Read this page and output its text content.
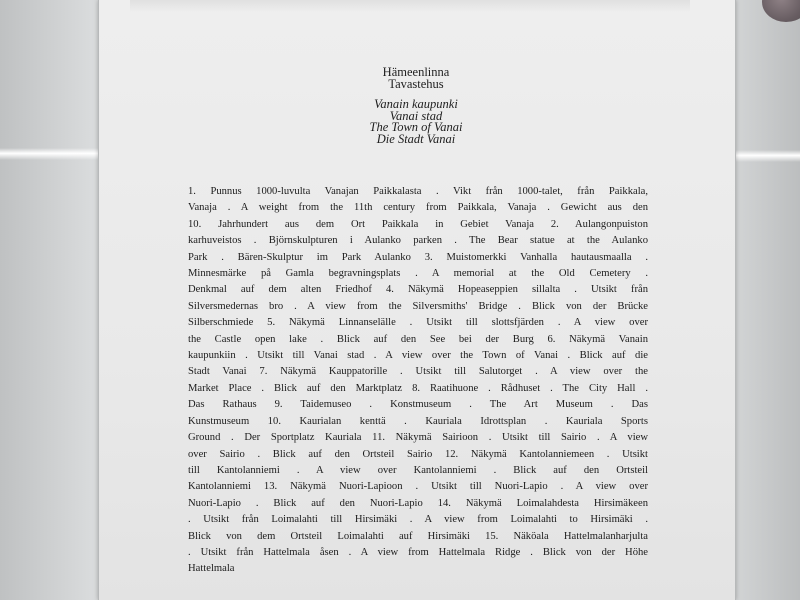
Hämeenlinna
Tavastehus
Vanain kaupunki
Vanai stad
The Town of Vanai
Die Stadt Vanai
1. Punnus 1000-luvulta Vanajan Paikkalasta . Vikt från 1000-talet, från Paikkala,
Vanaja . A weight from the 11th century from Paikkala, Vanaja . Gewicht aus den
10. Jahrhundert aus dem Ort Paikkala in Gebiet Vanaja 2. Aulangonpuiston
karhuveistos . Björnskulpturen i Aulanko parken . The Bear statue at the Aulanko
Park . Bären-Skulptur im Park Aulanko 3. Muistomerkki Vanhalla hautausmaalla .
Minnesmärke på Gamla begravningsplats . A memorial at the Old Cemetery .
Denkmal auf dem alten Friedhof 4. Näkymä Hopeaseppien sillalta . Utsikt från
Silversmedernas bro . A view from the Silversmiths' Bridge . Blick von der Brücke
Silberschmiede 5. Näkymä Linnanselälle . Utsikt till slottsfjärden . A view over
the Castle open lake . Blick auf den See bei der Burg 6. Näkymä Vanain
kaupunkiin . Utsikt till Vanai stad . A view over the Town of Vanai . Blick auf die
Stadt Vanai 7. Näkymä Kauppatorille . Utsikt till Salutorget . A view over the
Market Place . Blick auf den Marktplatz 8. Raatihuone . Rådhuset . The City Hall .
Das Rathaus 9. Taidemuseo . Konstmuseum . The Art Museum . Das
Kunstmuseum 10. Kaurialan kenttä . Kauriala Idrottsplan . Kauriala Sports
Ground . Der Sportplatz Kauriala 11. Näkymä Sairioon . Utsikt till Sairio . A view
over Sairio . Blick auf den Ortsteil Sairio 12. Näkymä Kantolanniemeen . Utsikt
till Kantolanniemi . A view over Kantolanniemi . Blick auf den Ortsteil
Kantolanniemi 13. Näkymä Nuori-Lapioon . Utsikt till Nuori-Lapio . A view over
Nuori-Lapio . Blick auf den Nuori-Lapio 14. Näkymä Loimalahdesta Hirsimäkeen
. Utsikt från Loimalahti till Hirsimäki . A view from Loimalahti to Hirsimäki .
Blick von dem Ortsteil Loimalahti auf Hirsimäki 15. Näköala Hattelmalanharjulta
. Utsikt från Hattelmala åsen . A view from Hattelmala Ridge . Blick von der Höhe
Hattelmala
